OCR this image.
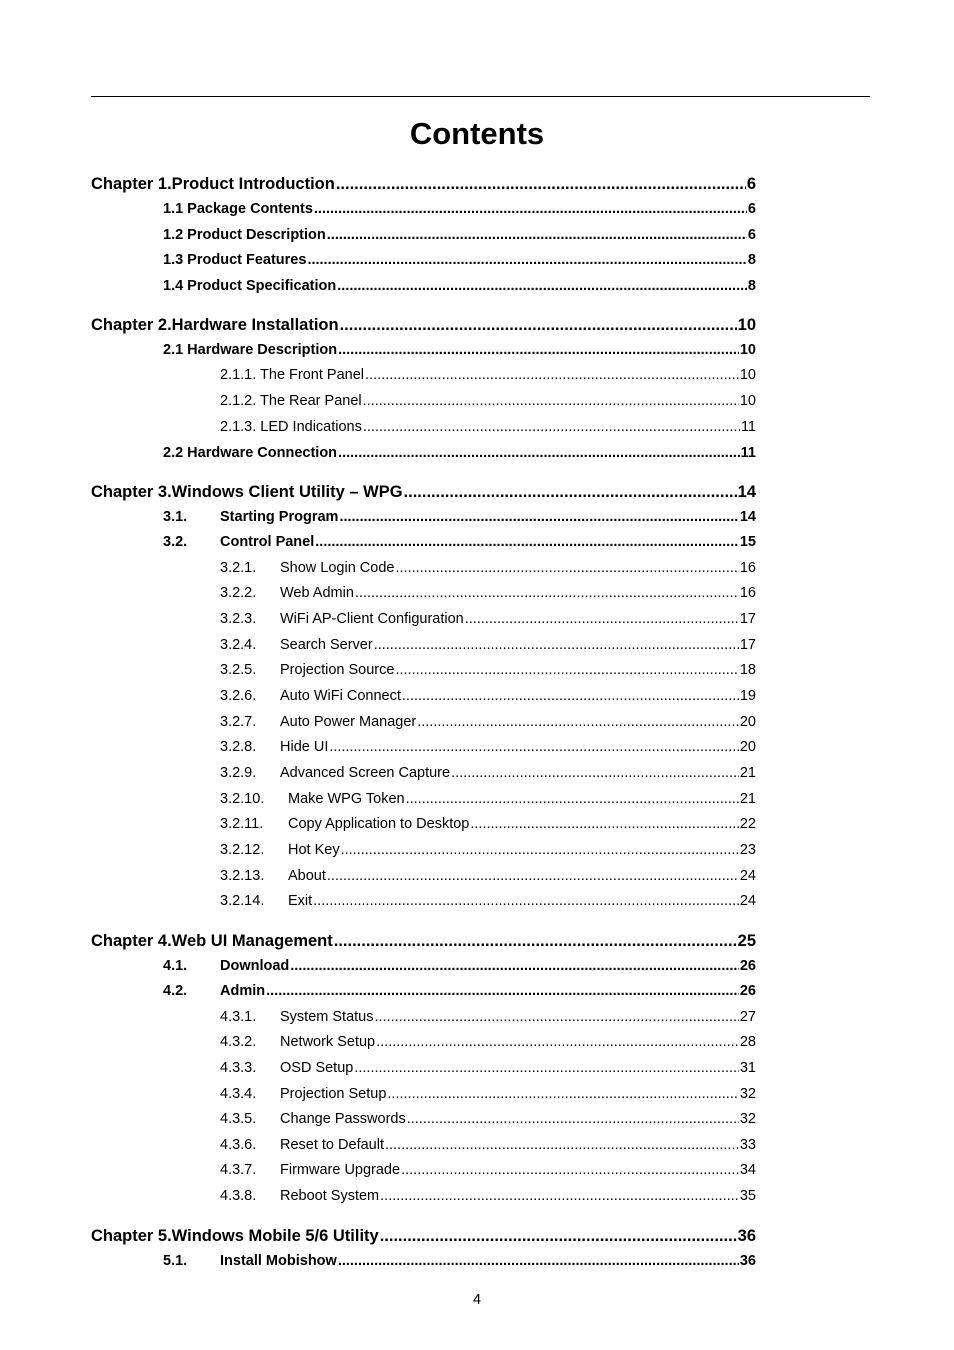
Contents
Chapter 1.Product Introduction .....	6
1.1 Package Contents .....	6
1.2 Product Description .....	6
1.3 Product Features .....	8
1.4 Product Specification .....	8
Chapter 2.Hardware Installation .....	10
2.1 Hardware Description .....	10
2.1.1. The Front Panel .....	10
2.1.2. The Rear Panel .....	10
2.1.3. LED Indications .....	11
2.2 Hardware Connection .....	11
Chapter 3.Windows Client Utility – WPG .....	14
3.1.	Starting Program .....	14
3.2.	Control Panel .....	15
3.2.1.	Show Login Code .....	16
3.2.2.	Web Admin .....	16
3.2.3.	WiFi AP-Client Configuration .....	17
3.2.4.	Search Server .....	17
3.2.5.	Projection Source .....	18
3.2.6.	Auto WiFi Connect .....	19
3.2.7.	Auto Power Manager .....	20
3.2.8.	Hide UI .....	20
3.2.9.	Advanced Screen Capture .....	21
3.2.10.	Make WPG Token .....	21
3.2.11.	Copy Application to Desktop .....	22
3.2.12.	Hot Key .....	23
3.2.13.	About .....	24
3.2.14.	Exit .....	24
Chapter 4.Web UI Management .....	25
4.1.	Download .....	26
4.2.	Admin .....	26
4.3.1.	System Status .....	27
4.3.2.	Network Setup .....	28
4.3.3.	OSD Setup .....	31
4.3.4.	Projection Setup .....	32
4.3.5.	Change Passwords .....	32
4.3.6.	Reset to Default .....	33
4.3.7.	Firmware Upgrade .....	34
4.3.8.	Reboot System .....	35
Chapter 5.Windows Mobile 5/6 Utility .....	36
5.1.	Install Mobishow .....	36
4
